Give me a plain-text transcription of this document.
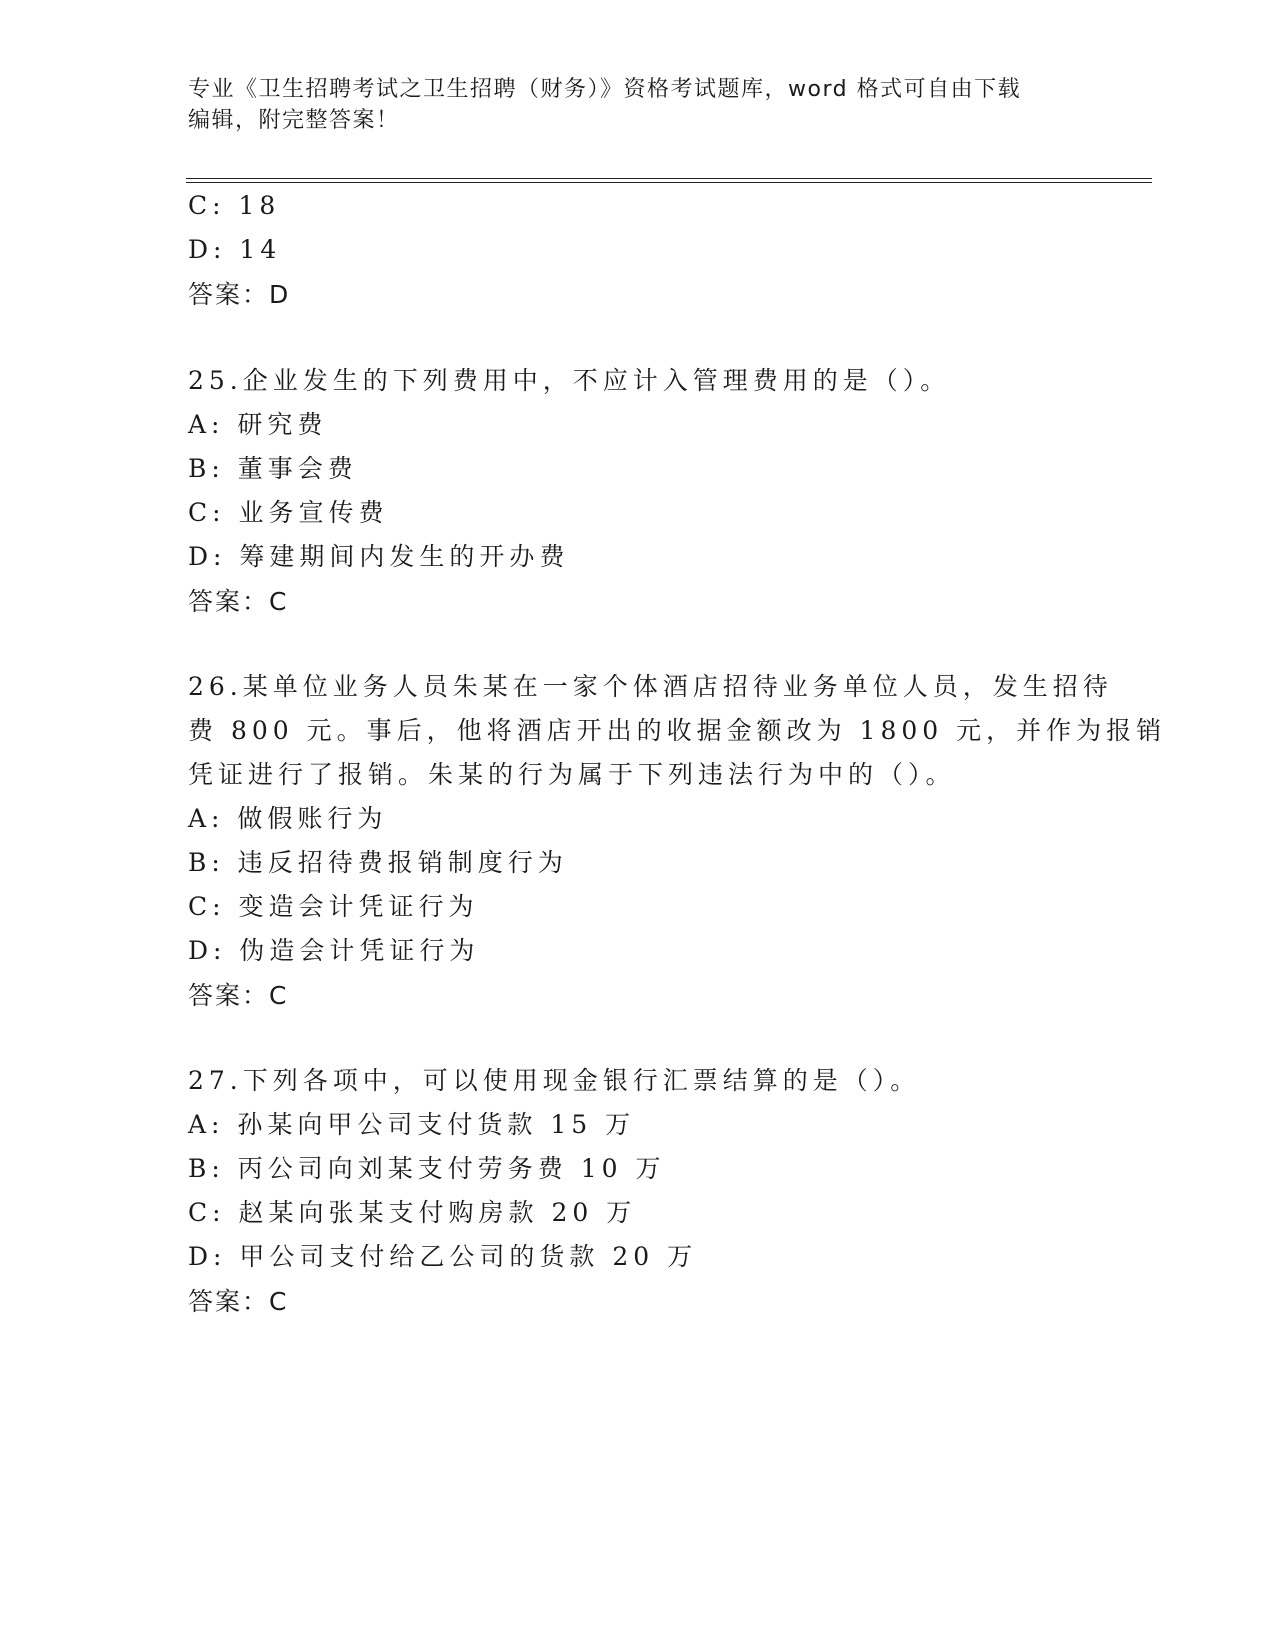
专业《卫生招聘考试之卫生招聘（财务）》资格考试题库，word 格式可自由下载
编辑，附完整答案！
C: 18
D: 14
答案：D
25.企业发生的下列费用中，不应计入管理费用的是（）。
A: 研究费
B: 董事会费
C: 业务宣传费
D: 筹建期间内发生的开办费
答案：C
26.某单位业务人员朱某在一家个体酒店招待业务单位人员，发生招待
费 800 元。事后，他将酒店开出的收据金额改为 1800 元，并作为报销
凭证进行了报销。朱某的行为属于下列违法行为中的（）。
A: 做假账行为
B: 违反招待费报销制度行为
C: 变造会计凭证行为
D: 伪造会计凭证行为
答案：C
27.下列各项中，可以使用现金银行汇票结算的是（）。
A: 孙某向甲公司支付货款 15 万
B: 丙公司向刘某支付劳务费 10 万
C: 赵某向张某支付购房款 20 万
D: 甲公司支付给乙公司的货款 20 万
答案：C
